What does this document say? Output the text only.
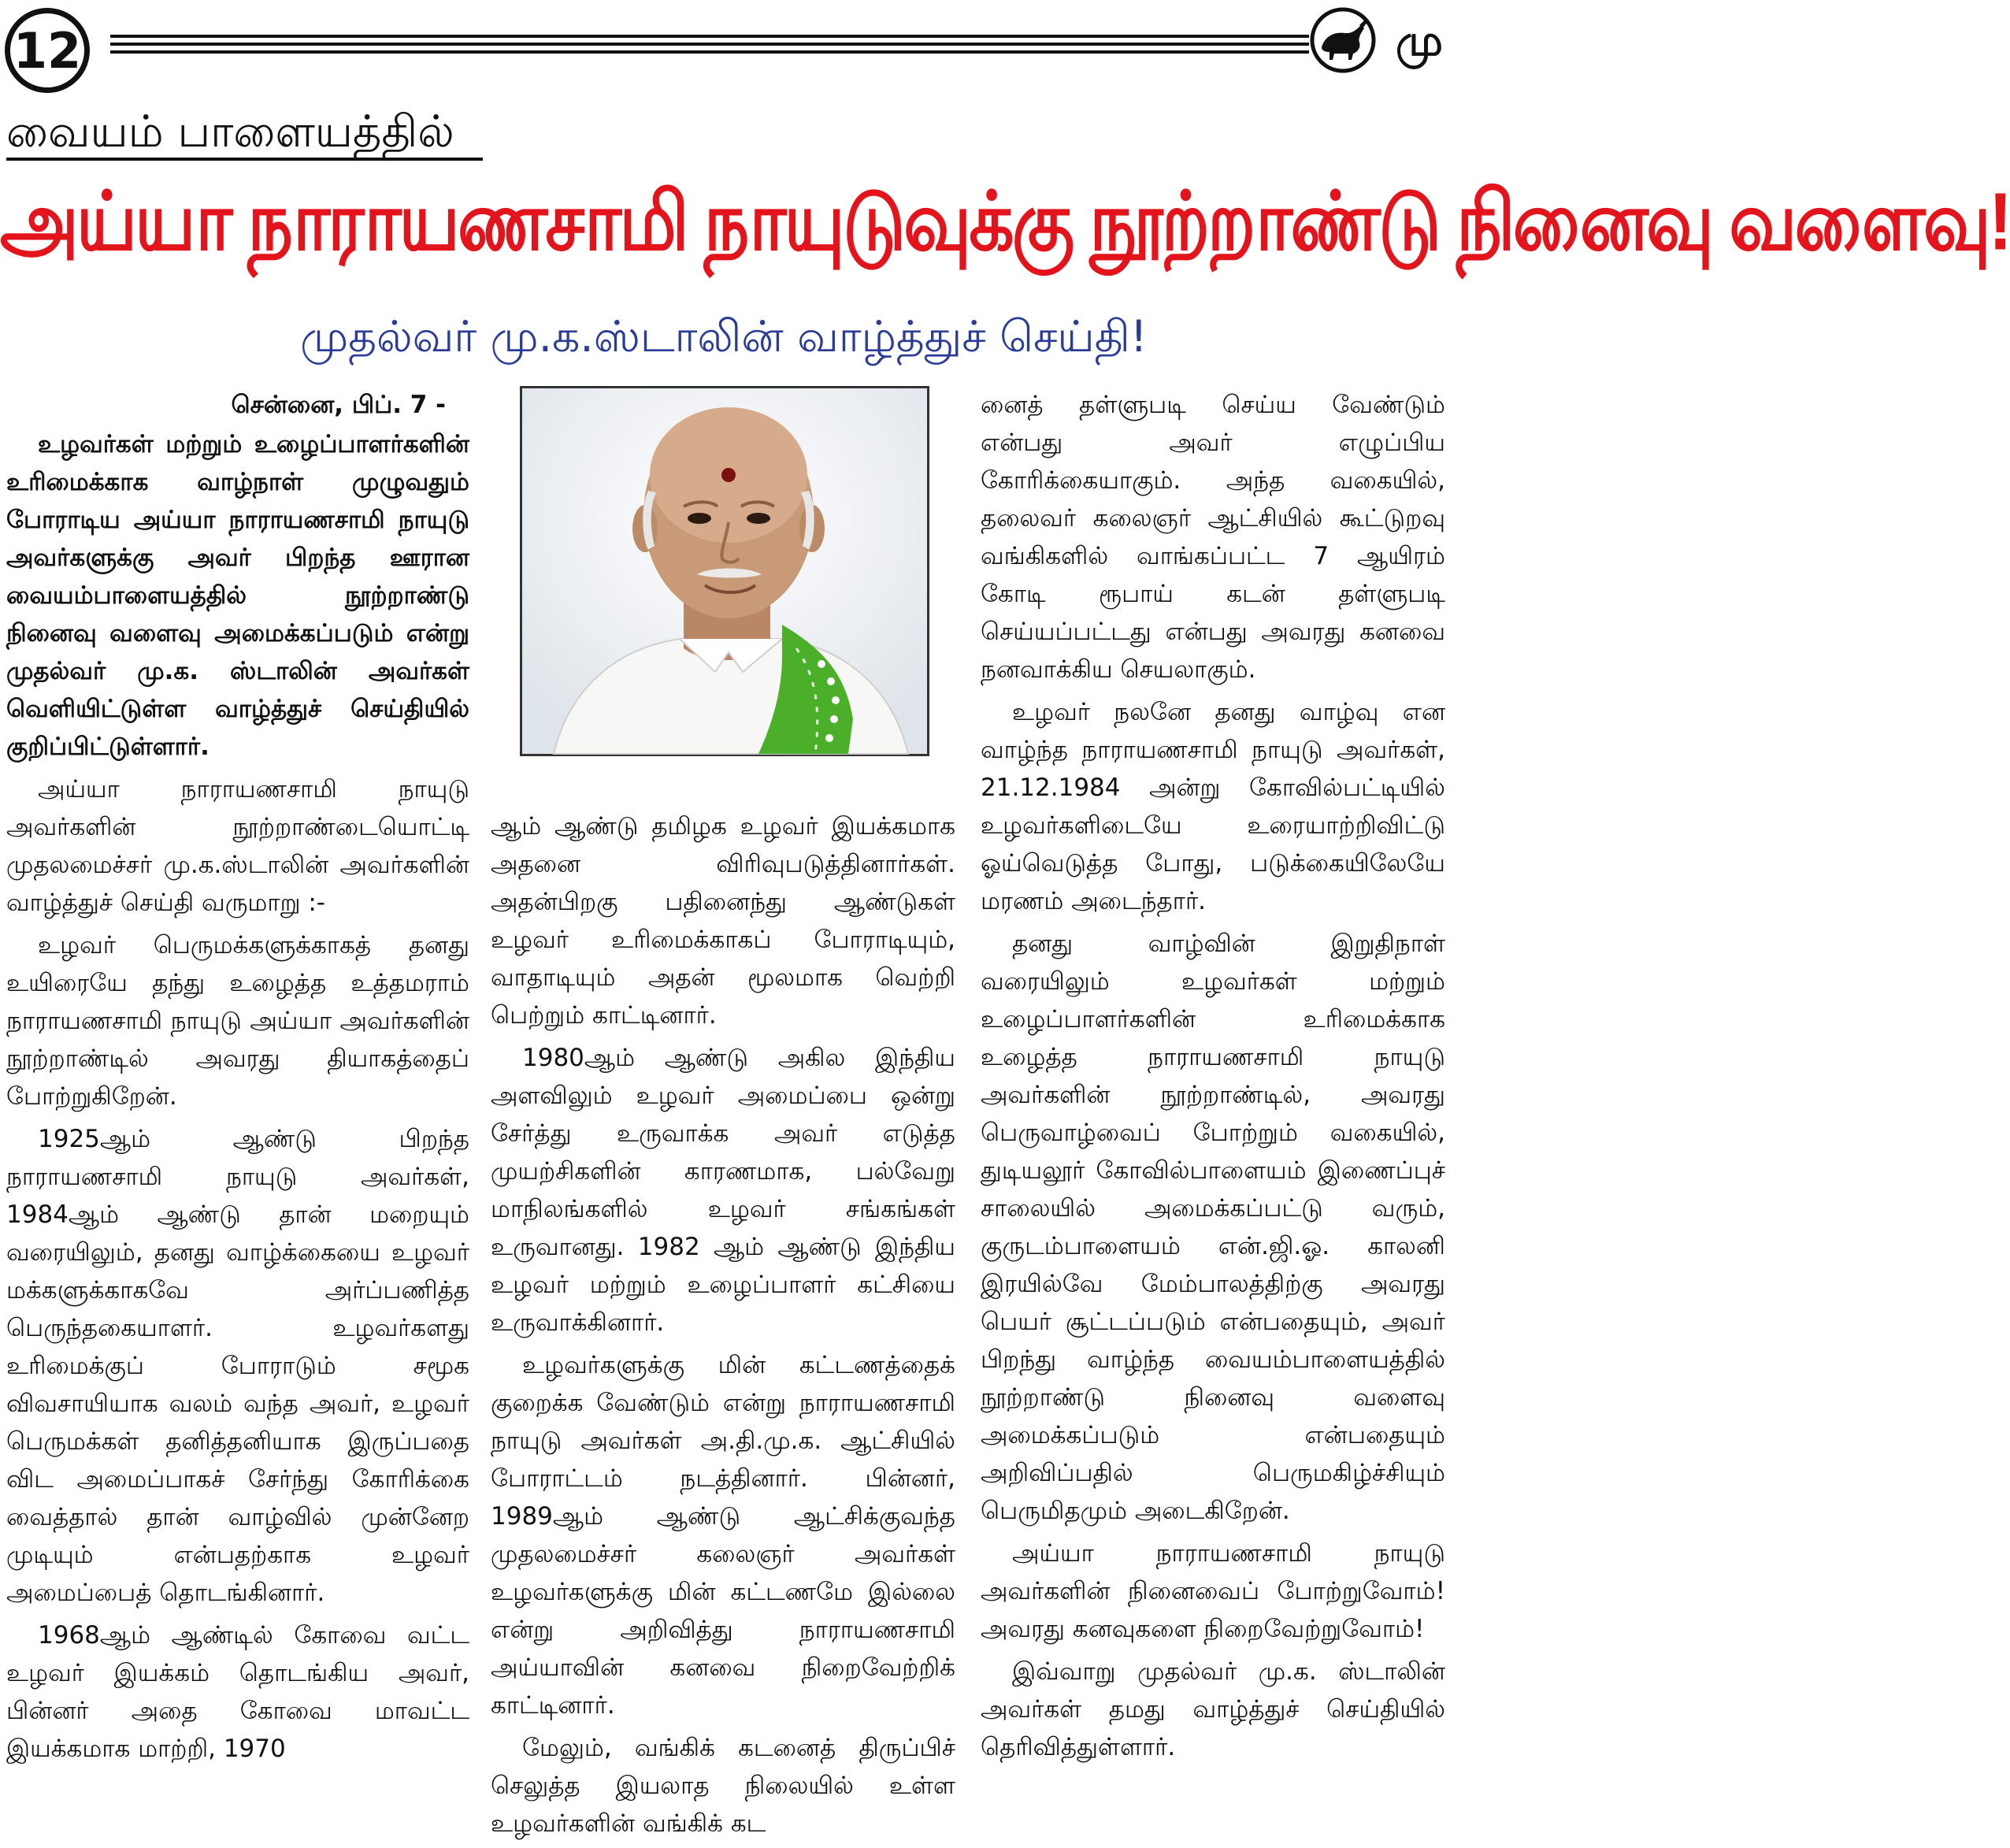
12	மு
வையம் பாளையத்தில்
அய்யா நாராயணசாமி நாயுடுவுக்கு நூற்றாண்டு நினைவு வளைவு!
முதல்வர் மு.க.ஸ்டாலின் வாழ்த்துச் செய்தி!
சென்னை, பிப். 7 -

உழவர்கள் மற்றும் உழைப்பாளர்களின் உரிமைக்காக வாழ்நாள் முழுவதும் போராடிய அய்யா நாராயணசாமி நாயுடு அவர்களுக்கு அவர் பிறந்த ஊரான வையம்பாளையத்தில் நூற்றாண்டு நினைவு வளைவு அமைக்கப்படும் என்று முதல்வர் மு.க. ஸ்டாலின் அவர்கள் வெளியிட்டுள்ள வாழ்த்துச் செய்தியில் குறிப்பிட்டுள்ளார்.

அய்யா நாராயணசாமி நாயுடு அவர்களின் நூற்றாண்டையொட்டி முதலமைச்சர் மு.க.ஸ்டாலின் அவர்களின் வாழ்த்துச் செய்தி வருமாறு :-

உழவர் பெருமக்களுக்காகத் தனது உயிரையே தந்து உழைத்த உத்தமராம் நாராயணசாமி நாயுடு அய்யா அவர்களின் நூற்றாண்டில் அவரது தியாகத்தைப் போற்றுகிறேன்.

1925ஆம் ஆண்டு பிறந்த நாராயணசாமி நாயுடு அவர்கள், 1984ஆம் ஆண்டு தான் மறையும் வரையிலும், தனது வாழ்க்கையை உழவர் மக்களுக்காகவே அர்ப்பணித்த பெருந்தகையாளர். உழவர்களது உரிமைக்குப் போராடும் சமூக விவசாயியாக வலம் வந்த அவர், உழவர் பெருமக்கள் தனித்தனியாக இருப்பதை விட அமைப்பாகச் சேர்ந்து கோரிக்கை வைத்தால் தான் வாழ்வில் முன்னேற முடியும் என்பதற்காக உழவர் அமைப்பைத் தொடங்கினார்.

1968ஆம் ஆண்டில் கோவை வட்ட உழவர் இயக்கம் தொடங்கிய அவர், பின்னர் அதை கோவை மாவட்ட இயக்கமாக மாற்றி, 1970

ஆம் ஆண்டு தமிழக உழவர் இயக்கமாக அதனை விரிவுபடுத்தினார்கள். அதன்பிறகு பதினைந்து ஆண்டுகள் உழவர் உரிமைக்காகப் போராடியும், வாதாடியும் அதன் மூலமாக வெற்றி பெற்றும் காட்டினார்.

1980ஆம் ஆண்டு அகில இந்திய அளவிலும் உழவர் அமைப்பை ஒன்று சேர்த்து உருவாக்க அவர் எடுத்த முயற்சிகளின் காரணமாக, பல்வேறு மாநிலங்களில் உழவர் சங்கங்கள் உருவானது. 1982 ஆம் ஆண்டு இந்திய உழவர் மற்றும் உழைப்பாளர் கட்சியை உருவாக்கினார்.

உழவர்களுக்கு மின் கட்டணத்தைக் குறைக்க வேண்டும் என்று நாராயணசாமி நாயுடு அவர்கள் அ.தி.மு.க. ஆட்சியில் போராட்டம் நடத்தினார். பின்னர், 1989ஆம் ஆண்டு ஆட்சிக்குவந்த முதலமைச்சர் கலைஞர் அவர்கள் உழவர்களுக்கு மின் கட்டணமே இல்லை என்று அறிவித்து நாராயணசாமி அய்யாவின் கனவை நிறைவேற்றிக் காட்டினார்.

மேலும், வங்கிக் கடனைத் திருப்பிச் செலுத்த இயலாத நிலையில் உள்ள உழவர்களின் வங்கிக் கட

னைத் தள்ளுபடி செய்ய வேண்டும் என்பது அவர் எழுப்பிய கோரிக்கையாகும். அந்த வகையில், தலைவர் கலைஞர் ஆட்சியில் கூட்டுறவு வங்கிகளில் வாங்கப்பட்ட 7 ஆயிரம் கோடி ரூபாய் கடன் தள்ளுபடி செய்யப்பட்டது என்பது அவரது கனவை நனவாக்கிய செயலாகும்.

உழவர் நலனே தனது வாழ்வு என வாழ்ந்த நாராயணசாமி நாயுடு அவர்கள், 21.12.1984 அன்று கோவில்பட்டியில் உழவர்களிடையே உரையாற்றிவிட்டு ஓய்வெடுத்த போது, படுக்கையிலேயே மரணம் அடைந்தார்.

தனது வாழ்வின் இறுதிநாள் வரையிலும் உழவர்கள் மற்றும் உழைப்பாளர்களின் உரிமைக்காக உழைத்த நாராயணசாமி நாயுடு அவர்களின் நூற்றாண்டில், அவரது பெருவாழ்வைப் போற்றும் வகையில், துடியலூர் கோவில்பாளையம் இணைப்புச் சாலையில் அமைக்கப்பட்டு வரும், குருடம்பாளையம் என்.ஜி.ஓ. காலனி இரயில்வே மேம்பாலத்திற்கு அவரது பெயர் சூட்டப்படும் என்பதையும், அவர் பிறந்து வாழ்ந்த வையம்பாளையத்தில் நூற்றாண்டு நினைவு வளைவு அமைக்கப்படும் என்பதையும் அறிவிப்பதில் பெருமகிழ்ச்சியும் பெருமிதமும் அடைகிறேன்.

அய்யா நாராயணசாமி நாயுடு அவர்களின் நினைவைப் போற்றுவோம்! அவரது கனவுகளை நிறைவேற்றுவோம்!

இவ்வாறு முதல்வர் மு.க. ஸ்டாலின் அவர்கள் தமது வாழ்த்துச் செய்தியில் தெரிவித்துள்ளார்.
